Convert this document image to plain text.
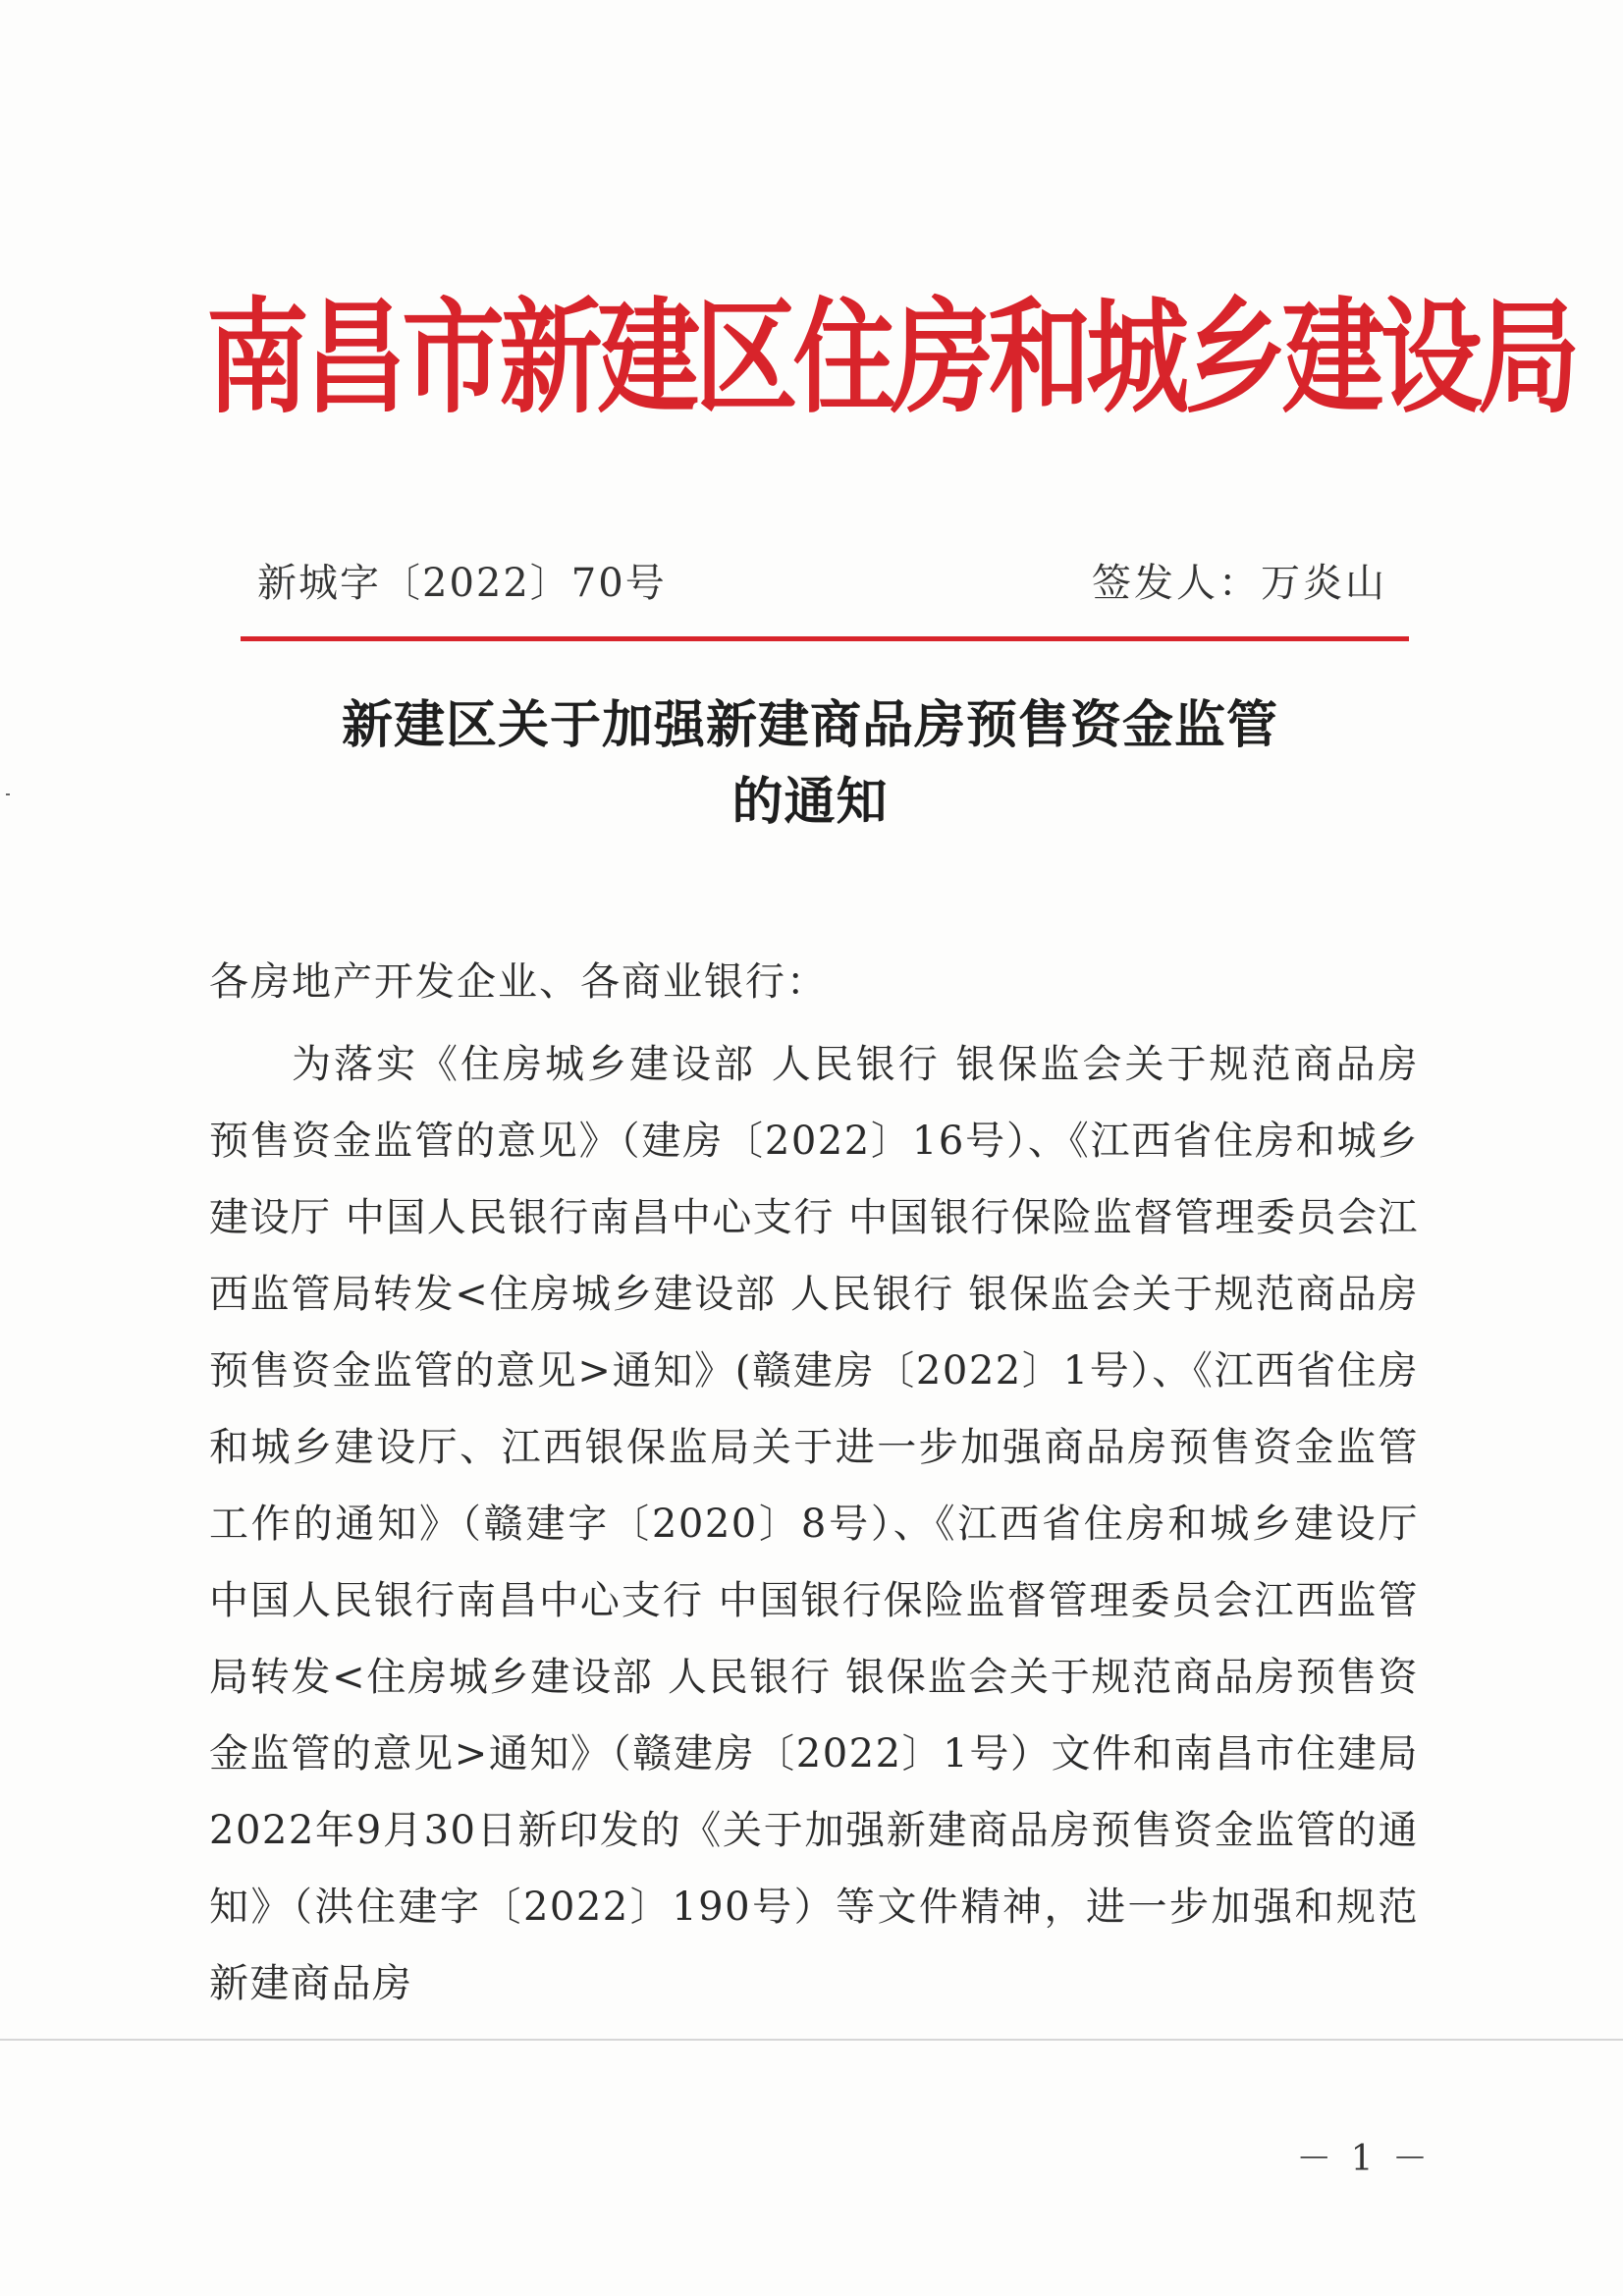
南昌市新建区住房和城乡建设局
新城字〔2022〕70号	签发人：万炎山
新建区关于加强新建商品房预售资金监管
的通知
各房地产开发企业、各商业银行：
为落实《住房城乡建设部 人民银行 银保监会关于规范商品房预售资金监管的意见》（建房〔2022〕16号）、《江西省住房和城乡建设厅 中国人民银行南昌中心支行 中国银行保险监督管理委员会江西监管局转发<住房城乡建设部 人民银行 银保监会关于规范商品房预售资金监管的意见>通知》(赣建房〔2022〕1号）、《江西省住房和城乡建设厅、江西银保监局关于进一步加强商品房预售资金监管工作的通知》（赣建字〔2020〕8号）、《江西省住房和城乡建设厅 中国人民银行南昌中心支行 中国银行保险监督管理委员会江西监管局转发<住房城乡建设部 人民银行 银保监会关于规范商品房预售资金监管的意见>通知》（赣建房〔2022〕1号）文件和南昌市住建局2022年9月30日新印发的《关于加强新建商品房预售资金监管的通知》（洪住建字〔2022〕190号）等文件精神，进一步加强和规范新建商品房
－ 1 －
